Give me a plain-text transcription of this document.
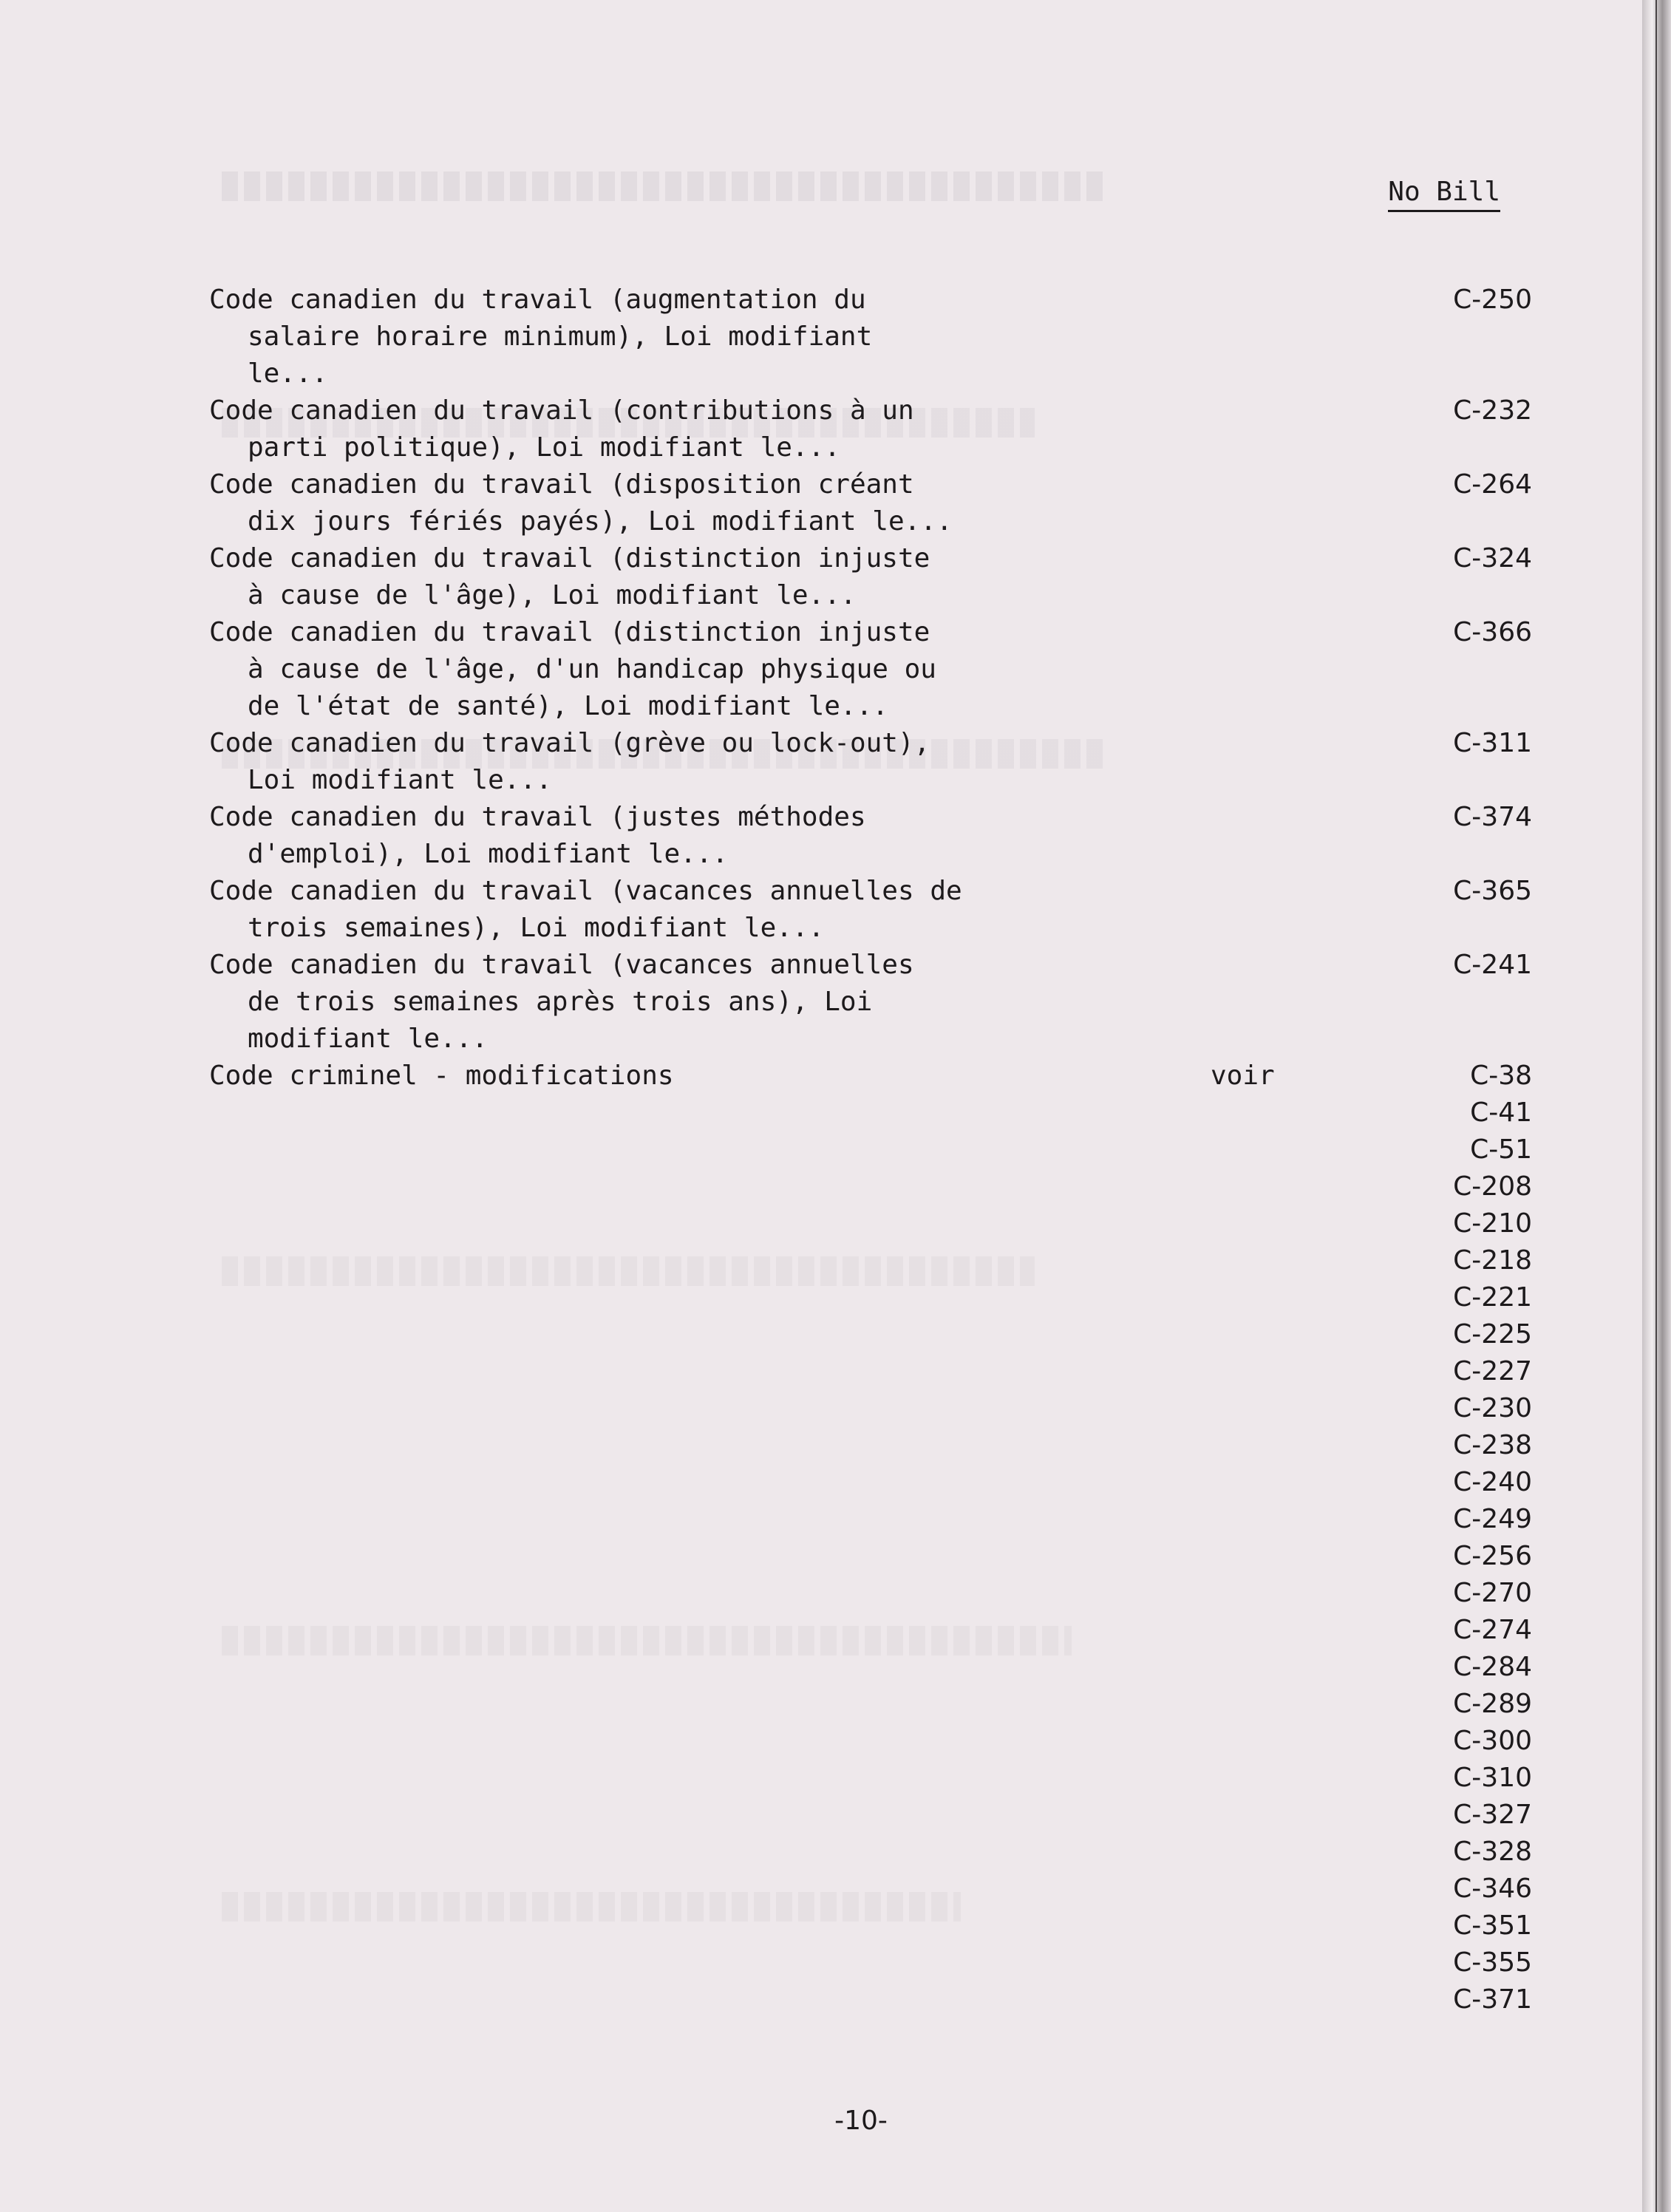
No Bill
Code canadien du travail (augmentation du
salaire horaire minimum), Loi modifiant
le...
C-250
Code canadien du travail (contributions à un
parti politique), Loi modifiant le...
C-232
Code canadien du travail (disposition créant
dix jours fériés payés), Loi modifiant le...
C-264
Code canadien du travail (distinction injuste
à cause de l'âge), Loi modifiant le...
C-324
Code canadien du travail (distinction injuste
à cause de l'âge, d'un handicap physique ou
de l'état de santé), Loi modifiant le...
C-366
Code canadien du travail (grève ou lock-out),
Loi modifiant le...
C-311
Code canadien du travail (justes méthodes
d'emploi), Loi modifiant le...
C-374
Code canadien du travail (vacances annuelles de
trois semaines), Loi modifiant le...
C-365
Code canadien du travail (vacances annuelles
de trois semaines après trois ans), Loi
modifiant le...
C-241
Code criminel - modifications	voir	C-38
C-41
C-51
C-208
C-210
C-218
C-221
C-225
C-227
C-230
C-238
C-240
C-249
C-256
C-270
C-274
C-284
C-289
C-300
C-310
C-327
C-328
C-346
C-351
C-355
C-371
-10-
